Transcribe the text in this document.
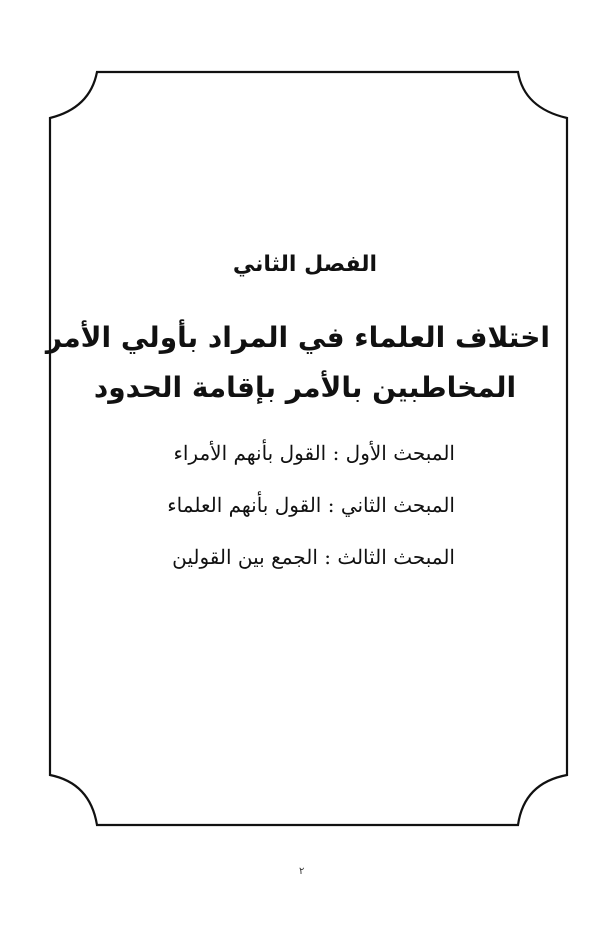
الفصل الثاني
اختلاف العلماء في المراد بأولي الأمر
المخاطبين بالأمر بإقامة الحدود
المبحث الأول : القول بأنهم الأمراء
المبحث الثاني : القول بأنهم العلماء
المبحث الثالث : الجمع بين القولين
٢
